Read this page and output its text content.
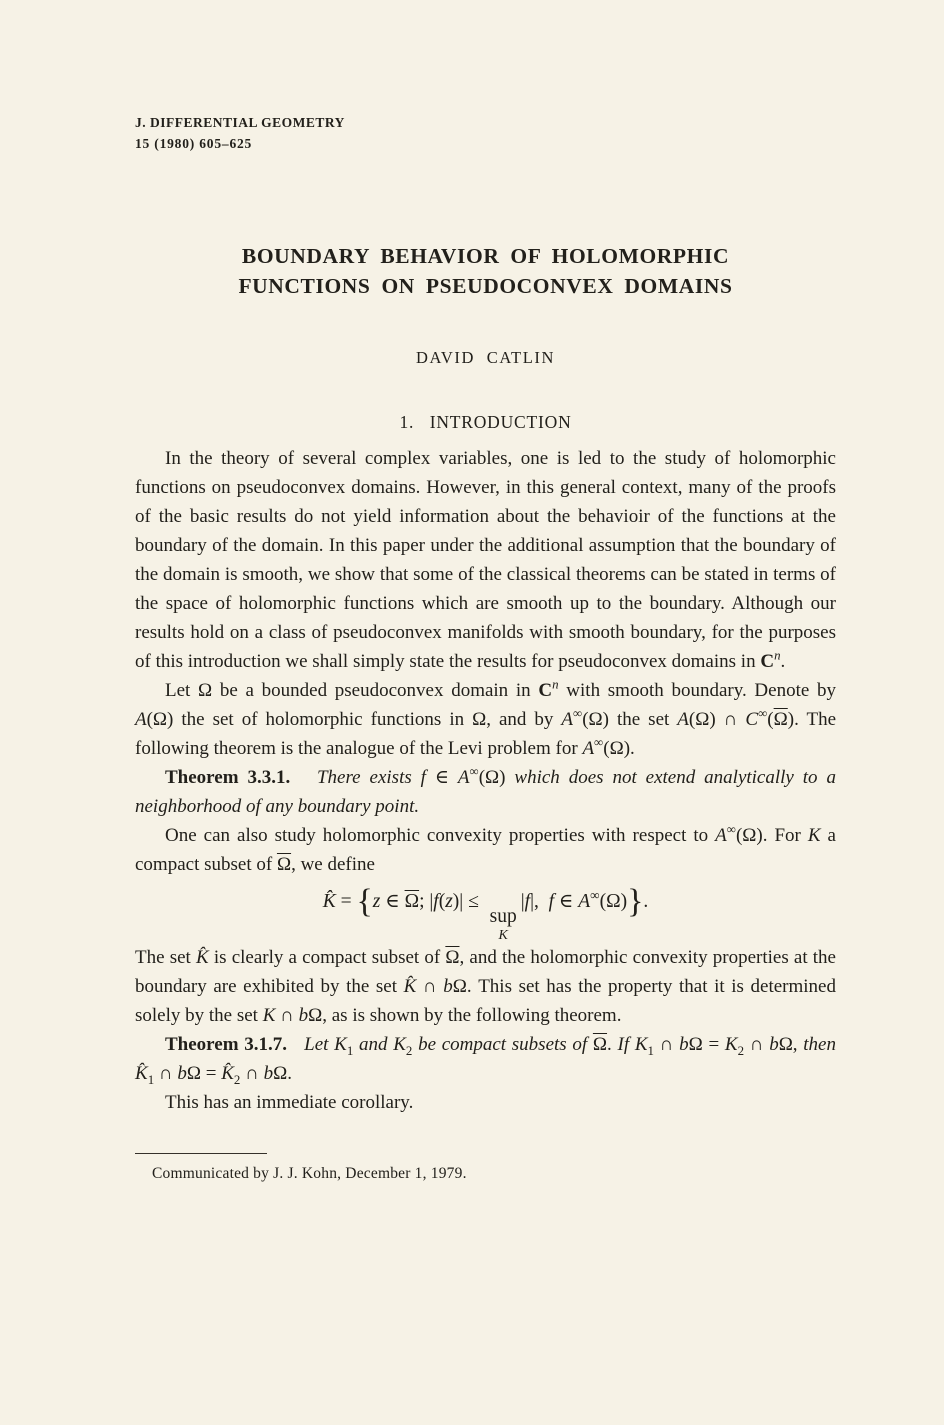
J. DIFFERENTIAL GEOMETRY
15 (1980) 605–625
BOUNDARY BEHAVIOR OF HOLOMORPHIC
FUNCTIONS ON PSEUDOCONVEX DOMAINS
DAVID CATLIN
1.   INTRODUCTION

In the theory of several complex variables, one is led to the study of holomorphic functions on pseudoconvex domains. However, in this general context, many of the proofs of the basic results do not yield information about the behavioir of the functions at the boundary of the domain. In this paper under the additional assumption that the boundary of the domain is smooth, we show that some of the classical theorems can be stated in terms of the space of holomorphic functions which are smooth up to the boundary. Although our results hold on a class of pseudoconvex manifolds with smooth boundary, for the purposes of this introduction we shall simply state the results for pseudoconvex domains in $C^n$.

Let Ω be a bounded pseudoconvex domain in $C^n$ with smooth boundary. Denote by A(Ω) the set of holomorphic functions in Ω, and by A∞(Ω) the set A(Ω) ∩ $C^\infty(\overline{\Omega})$. The following theorem is the analogue of the Levi problem for A∞(Ω).

Theorem 3.3.1. There exists f ∈ A∞(Ω) which does not extend analytically to a neighborhood of any boundary point.

One can also study holomorphic convexity properties with respect to A∞(Ω). For K a compact subset of $\overline{\Omega}$, we define

K̂ = {z ∈ $\overline{\Omega}$; |f(z)| ≤
sup
K
|f|,  f ∈ A∞(Ω)}.

The set K̂ is clearly a compact subset of $\overline{\Omega}$, and the holomorphic convexity properties at the boundary are exhibited by the set K̂ ∩ bΩ. This set has the property that it is determined solely by the set K ∩ bΩ, as is shown by the following theorem.

Theorem 3.1.7. Let $K_1$ and $K_2$ be compact subsets of $\overline{\Omega}$. If $K_1$ ∩ $b\Omega = K_2$ ∩ bΩ, then $K̂_1$ ∩ $b\Omega = K̂_2$ ∩ bΩ.

This has an immediate corollary.

Communicated by J. J. Kohn, December 1, 1979.
